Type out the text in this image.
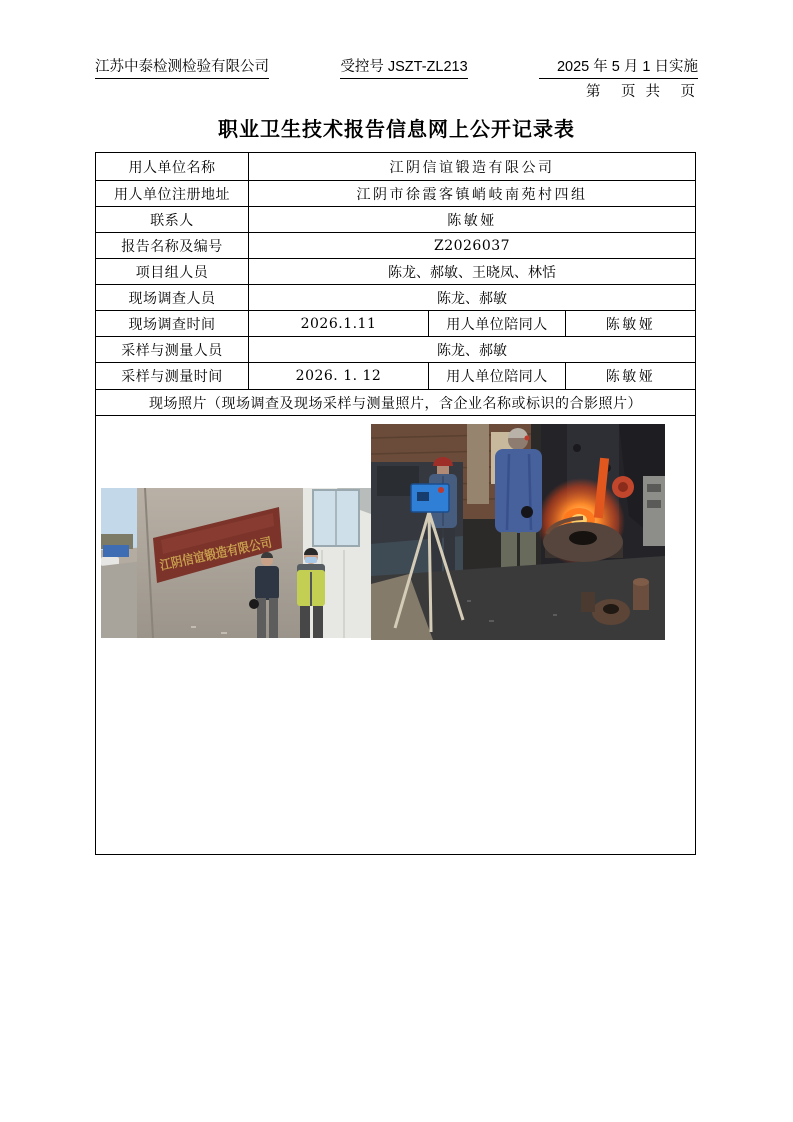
江苏中泰检测检验有限公司	受控号 JSZT-ZL213	2025 年 5 月 1 日实施
第　页 共　页
职业卫生技术报告信息网上公开记录表
用人单位名称	江阴信谊锻造有限公司		
用人单位注册地址	江阴市徐霞客镇峭岐南苑村四组		
联系人	陈敏娅		
报告名称及编号	Z2026037		
项目组人员	陈龙、郝敏、王晓凤、林恬		
现场调查人员	陈龙、郝敏		
现场调查时间	2026.1.11	用人单位陪同人	陈敏娅
采样与测量人员	陈龙、郝敏		
采样与测量时间	2026. 1. 12	用人单位陪同人	陈敏娅
现场照片（现场调查及现场采样与测量照片，含企业名称或标识的合影照片）			

江阴信谊锻造有限公司			
